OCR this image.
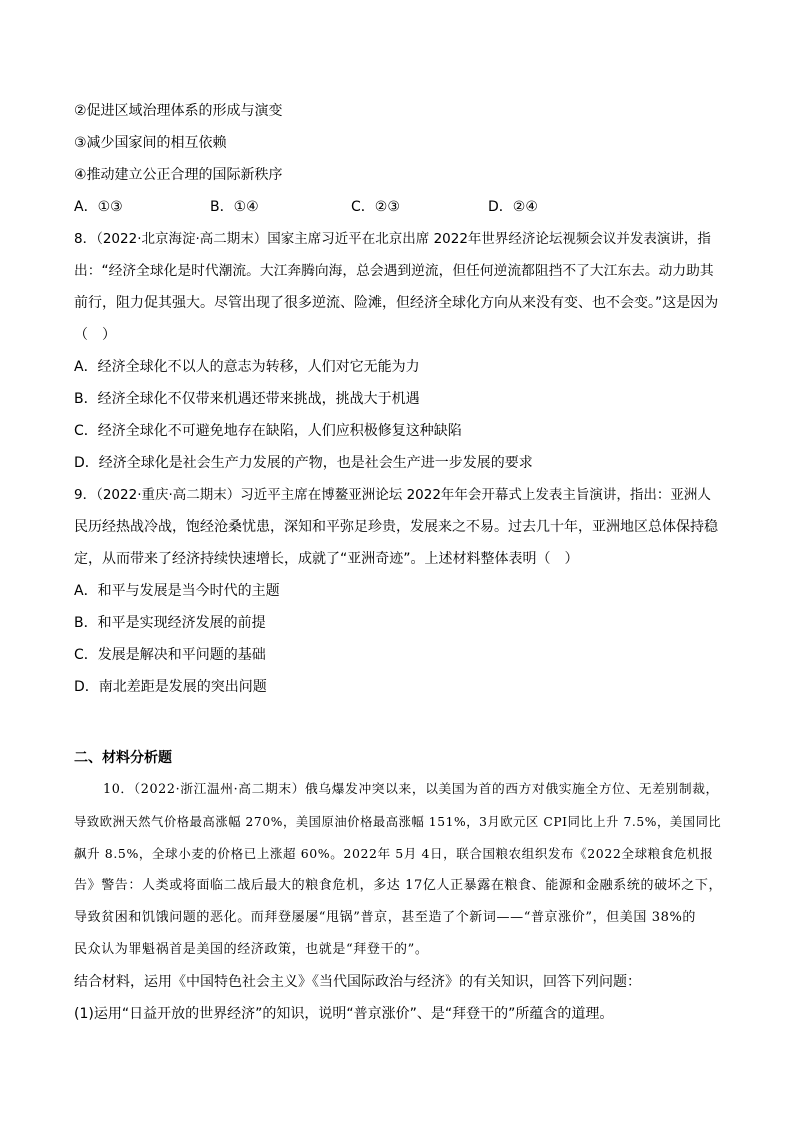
②促进区域治理体系的形成与演变
③减少国家间的相互依赖
④推动建立公正合理的国际新秩序
A．①③	B．①④	C．②③	D．②④
8．（2022·北京海淀·高二期末）国家主席习近平在北京出席 2022年世界经济论坛视频会议并发表演讲，指
出：“经济全球化是时代潮流。大江奔腾向海，总会遇到逆流，但任何逆流都阻挡不了大江东去。动力助其
前行，阻力促其强大。尽管出现了很多逆流、险滩，但经济全球化方向从来没有变、也不会变。”这是因为
（　）
A．经济全球化不以人的意志为转移，人们对它无能为力
B．经济全球化不仅带来机遇还带来挑战，挑战大于机遇
C．经济全球化不可避免地存在缺陷，人们应积极修复这种缺陷
D．经济全球化是社会生产力发展的产物，也是社会生产进一步发展的要求
9．（2022·重庆·高二期末）习近平主席在博鳌亚洲论坛 2022年年会开幕式上发表主旨演讲，指出：亚洲人
民历经热战冷战，饱经沧桑忧患，深知和平弥足珍贵，发展来之不易。过去几十年，亚洲地区总体保持稳
定，从而带来了经济持续快速增长，成就了“亚洲奇迹”。上述材料整体表明（　）
A．和平与发展是当今时代的主题
B．和平是实现经济发展的前提
C．发展是解决和平问题的基础
D．南北差距是发展的突出问题
二、材料分析题
10．（2022·浙江温州·高二期末）俄乌爆发冲突以来，以美国为首的西方对俄实施全方位、无差别制裁，
导致欧洲天然气价格最高涨幅 270%，美国原油价格最高涨幅 151%，3月欧元区 CPI同比上升 7.5%，美国同比
飙升 8.5%，全球小麦的价格已上涨超 60%。2022年 5月 4日，联合国粮农组织发布《2022全球粮食危机报
告》警告：人类或将面临二战后最大的粮食危机，多达 17亿人正暴露在粮食、能源和金融系统的破坏之下，
导致贫困和饥饿问题的恶化。而拜登屡屡“甩锅”普京，甚至造了个新词——“普京涨价”，但美国 38%的
民众认为罪魁祸首是美国的经济政策，也就是“拜登干的”。
结合材料，运用《中国特色社会主义》《当代国际政治与经济》的有关知识，回答下列问题：
(1)运用“日益开放的世界经济”的知识，说明“普京涨价”、是“拜登干的”所蕴含的道理。
